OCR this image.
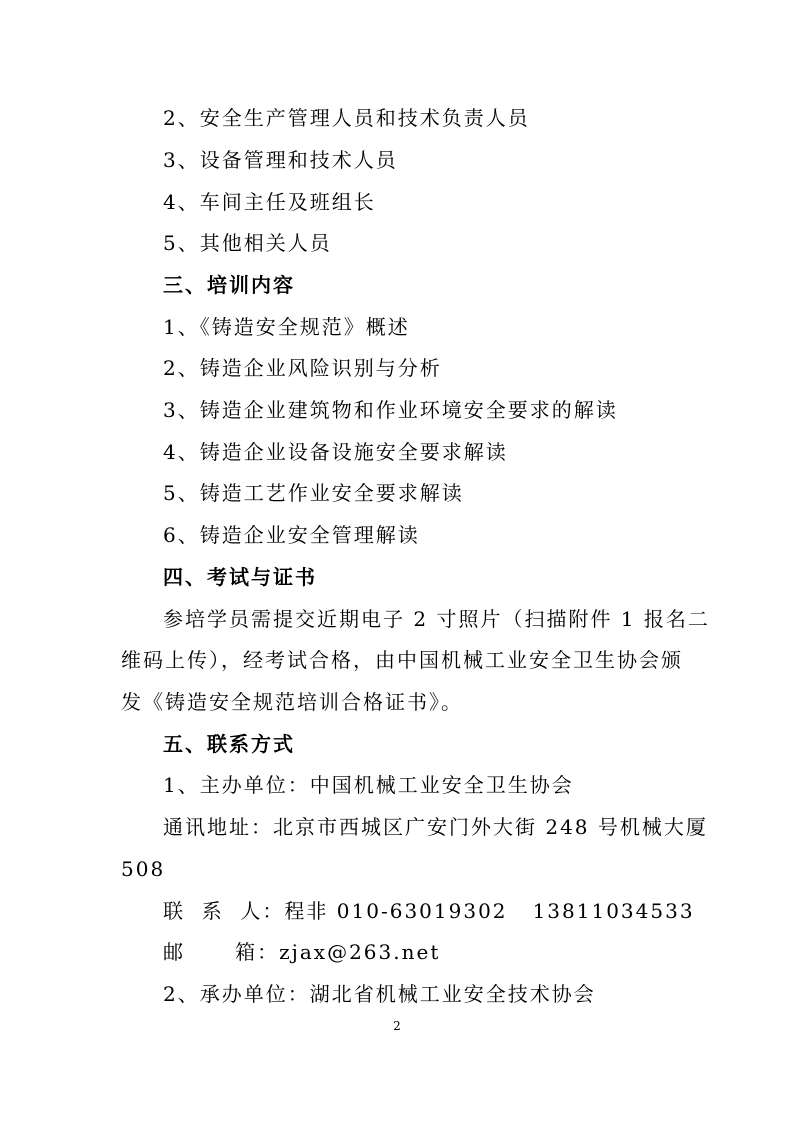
2、安全生产管理人员和技术负责人员
3、设备管理和技术人员
4、车间主任及班组长
5、其他相关人员
三、培训内容
1、《铸造安全规范》概述
2、铸造企业风险识别与分析
3、铸造企业建筑物和作业环境安全要求的解读
4、铸造企业设备设施安全要求解读
5、铸造工艺作业安全要求解读
6、铸造企业安全管理解读
四、考试与证书
参培学员需提交近期电子 2 寸照片（扫描附件 1 报名二
维码上传），经考试合格，由中国机械工业安全卫生协会颁
发《铸造安全规范培训合格证书》。
五、联系方式
1、主办单位：中国机械工业安全卫生协会
通讯地址：北京市西城区广安门外大街 248 号机械大厦
508
联  系  人：程非 010-63019302   13811034533
邮      箱：zjax@263.net
2、承办单位：湖北省机械工业安全技术协会
2
